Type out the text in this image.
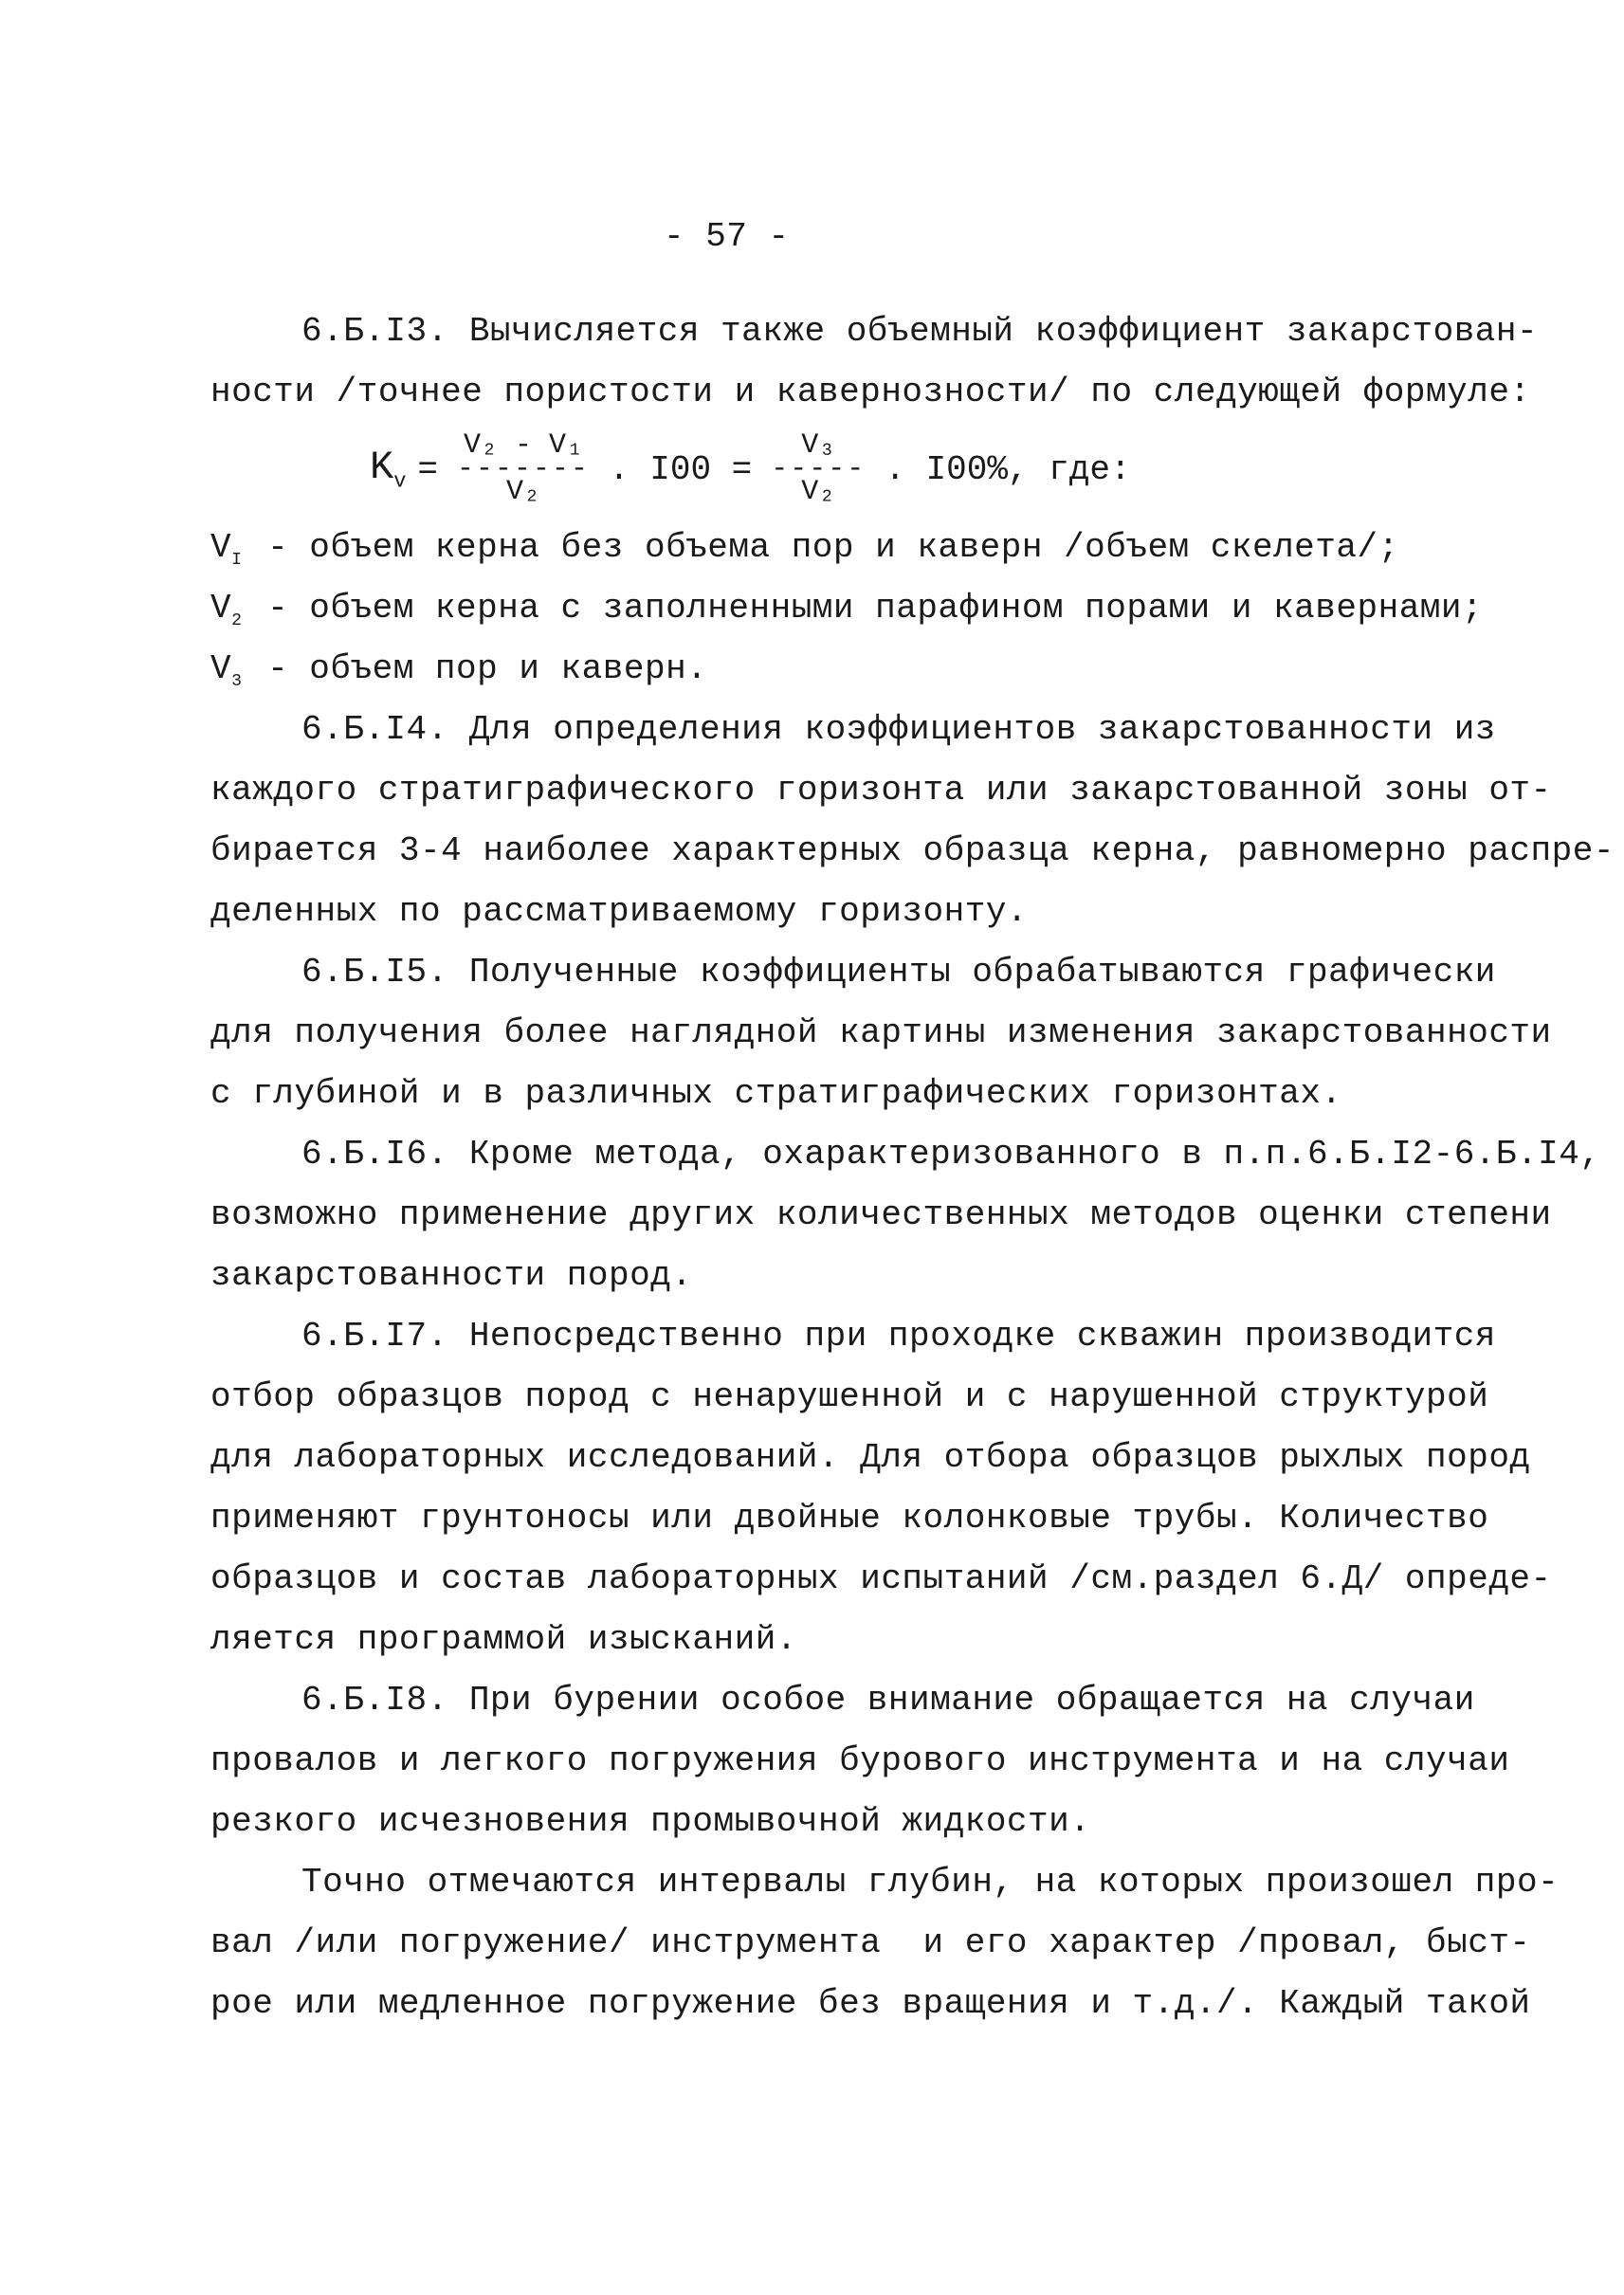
- 57 -
6.Б.I3. Вычисляется также объемный коэффициент закарстован-
ности /точнее пористости и кавернозности/ по следующей формуле:
$K_v$ =
V₂ - V₁
-------
V₂
. I00 =
V₃
-----
V₂
. I00%, где:
$V_I$ - объем керна без объема пор и каверн /объем скелета/;
$V_2$ - объем керна с заполненными парафином порами и кавернами;
$V_3$ - объем пор и каверн.
6.Б.I4. Для определения коэффициентов закарстованности из
каждого стратиграфического горизонта или закарстованной зоны от-
бирается 3-4 наиболее характерных образца керна, равномерно распре-
деленных по рассматриваемому горизонту.
6.Б.I5. Полученные коэффициенты обрабатываются графически
для получения более наглядной картины изменения закарстованности
с глубиной и в различных стратиграфических горизонтах.
6.Б.I6. Кроме метода, охарактеризованного в п.п.6.Б.I2-6.Б.I4,
возможно применение других количественных методов оценки степени
закарстованности пород.
6.Б.I7. Непосредственно при проходке скважин производится
отбор образцов пород с ненарушенной и с нарушенной структурой
для лабораторных исследований. Для отбора образцов рыхлых пород
применяют грунтоносы или двойные колонковые трубы. Количество
образцов и состав лабораторных испытаний /см.раздел 6.Д/ опреде-
ляется программой изысканий.
6.Б.I8. При бурении особое внимание обращается на случаи
провалов и легкого погружения бурового инструмента и на случаи
резкого исчезновения промывочной жидкости.
Точно отмечаются интервалы глубин, на которых произошел про-
вал /или погружение/ инструмента  и его характер /провал, быст-
рое или медленное погружение без вращения и т.д./. Каждый такой
